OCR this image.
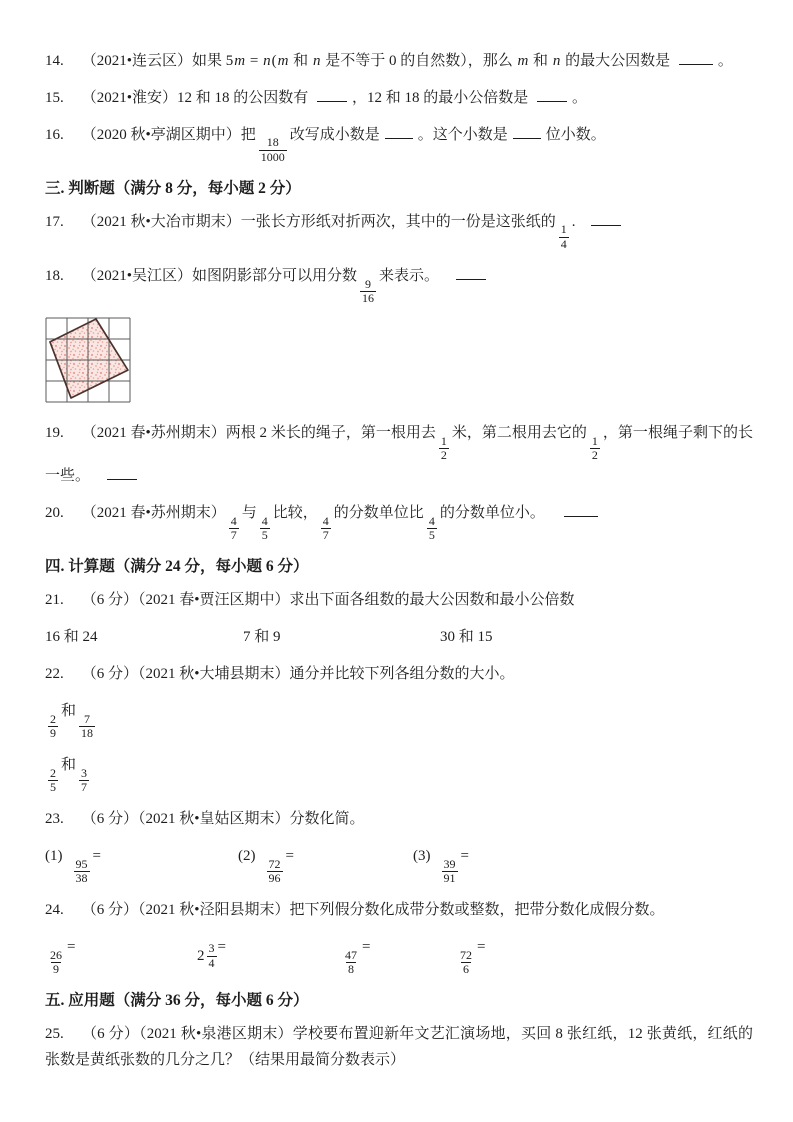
14. （2021•连云区）如果 5m = n(m 和 n 是不等于 0 的自然数），那么 m 和 n 的最大公因数是	。
15. （2021•淮安）12 和 18 的公因数有	，12 和 18 的最小公倍数是	。
16. （2020 秋•亭湖区期中）把
$\frac{18}{1000}$
改写成小数是	。这个小数是	位小数。
三. 判断题（满分 8 分，每小题 2 分）
17. （2021 秋•大冶市期末）一张长方形纸对折两次，其中的一份是这张纸的
$\frac{1}{4}$
.
18. （2021•吴江区）如图阴影部分可以用分数
$\frac{9}{16}$
来表示。
19. （2021 春•苏州期末）两根 2 米长的绳子，第一根用去
$\frac{1}{2}$
米，第二根用去它的
$\frac{1}{2}$
，第一根绳子剩下的长一些。
20. （2021 春•苏州期末）
$\frac{4}{7}$
与
$\frac{4}{5}$
比较，
$\frac{4}{7}$
的分数单位比
$\frac{4}{5}$
的分数单位小。
四. 计算题（满分 24 分，每小题 6 分）
21. （6 分）（2021 春•贾汪区期中）求出下面各组数的最大公因数和最小公倍数
16 和 24	7 和 9	30 和 15
22. （6 分）（2021 秋•大埔县期末）通分并比较下列各组分数的大小。
$\frac{2}{9}$
和
$\frac{7}{18}$
$\frac{2}{5}$
和
$\frac{3}{7}$
23. （6 分）（2021 秋•皇姑区期末）分数化简。
(1)
$\frac{95}{38}$
=	(2)
$\frac{72}{96}$
=	(3)
$\frac{39}{91}$
=
24. （6 分）（2021 秋•泾阳县期末）把下列假分数化成带分数或整数，把带分数化成假分数。
$\frac{26}{9}$
=
$2 \frac{3}{4}$ =
$\frac{47}{8}$
=
$\frac{72}{6}$
=
五. 应用题（满分 36 分，每小题 6 分）
25. （6 分）（2021 秋•泉港区期末）学校要布置迎新年文艺汇演场地，买回 8 张红纸，12 张黄纸，红纸的张数是黄纸张数的几分之几？（结果用最简分数表示）
